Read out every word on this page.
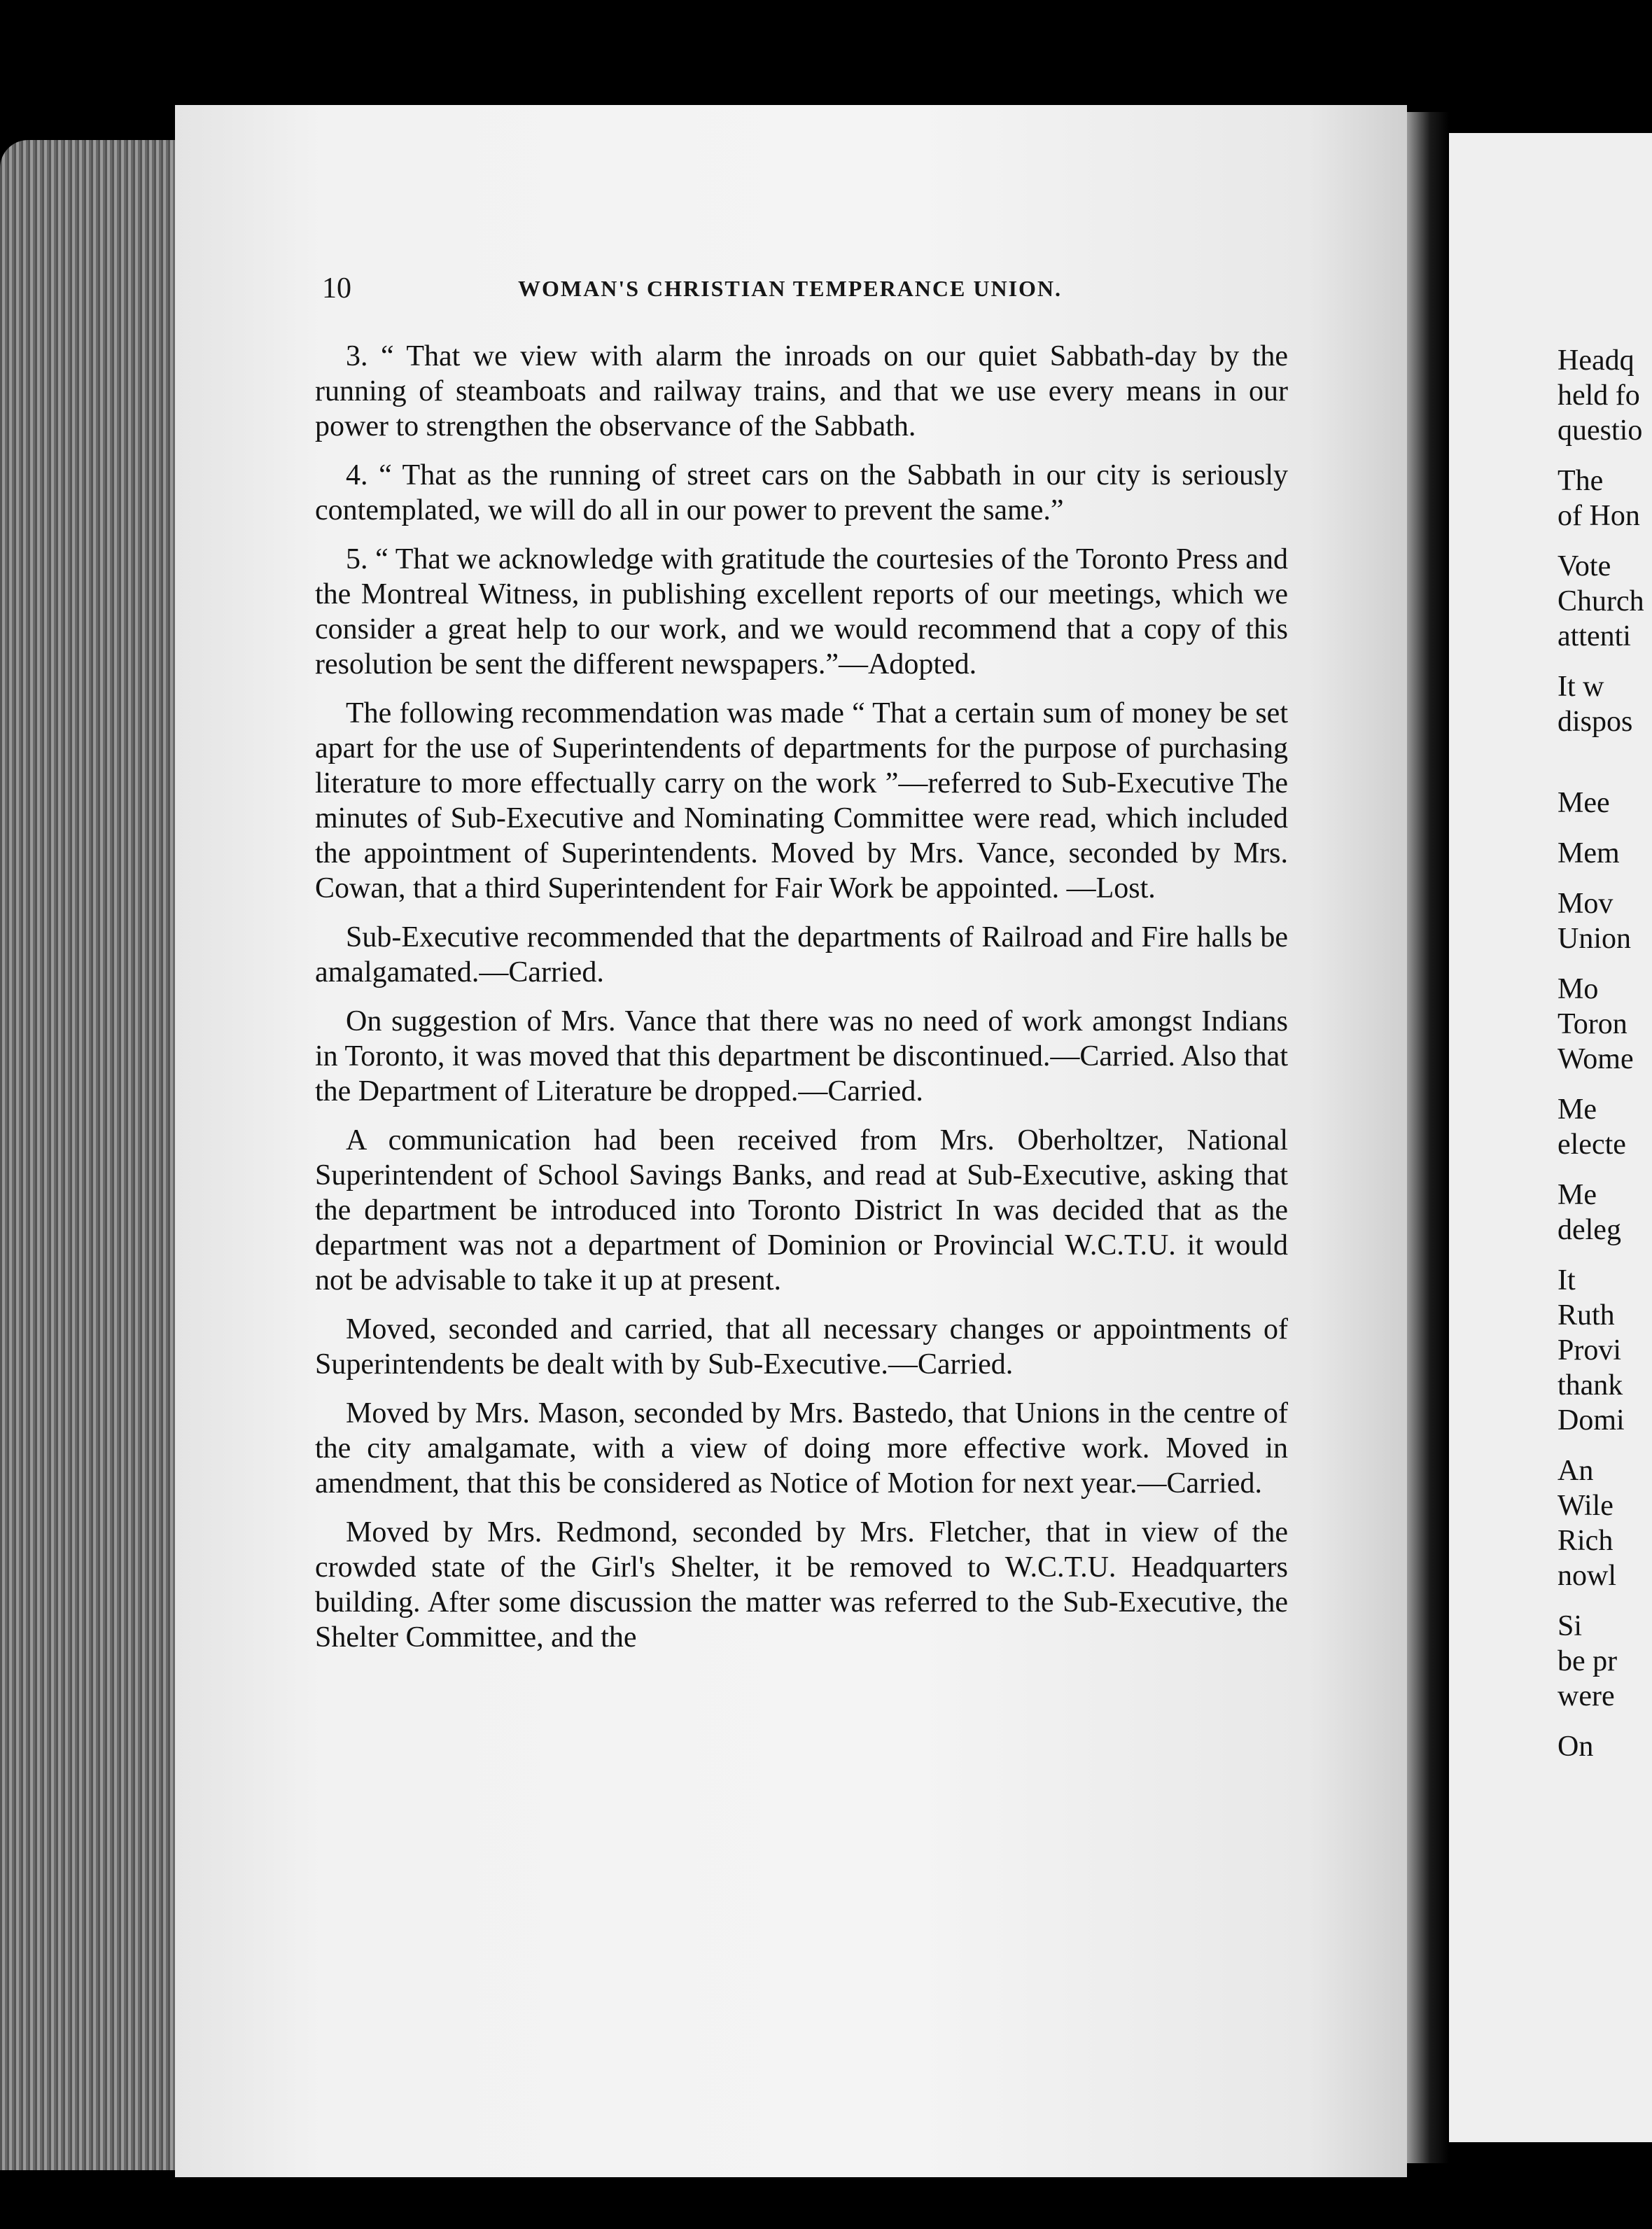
10	WOMAN'S CHRISTIAN TEMPERANCE UNION.

3. “ That we view with alarm the inroads on our quiet Sabbath-day by the running of steamboats and railway trains, and that we use every means in our power to strengthen the observance of the Sabbath.

4. “ That as the running of street cars on the Sabbath in our city is seriously contemplated, we will do all in our power to prevent the same.”

5. “ That we acknowledge with gratitude the courtesies of the Toronto Press and the Montreal Witness, in publishing excellent reports of our meetings, which we consider a great help to our work, and we would recommend that a copy of this resolution be sent the different newspapers.”—Adopted.

The following recommendation was made “ That a certain sum of money be set apart for the use of Superintendents of departments for the purpose of purchasing literature to more effectually carry on the work ”—referred to Sub-Executive The minutes of Sub-Executive and Nominating Committee were read, which included the appointment of Superintendents. Moved by Mrs. Vance, seconded by Mrs. Cowan, that a third Superintendent for Fair Work be appointed. —Lost.

Sub-Executive recommended that the departments of Railroad and Fire halls be amalgamated.—Carried.

On suggestion of Mrs. Vance that there was no need of work amongst Indians in Toronto, it was moved that this department be discontinued.—Carried. Also that the Department of Literature be dropped.—Carried.

A communication had been received from Mrs. Oberholtzer, National Superintendent of School Savings Banks, and read at Sub-Executive, asking that the department be introduced into Toronto District In was decided that as the department was not a department of Dominion or Provincial W.C.T.U. it would not be advisable to take it up at present.

Moved, seconded and carried, that all necessary changes or appointments of Superintendents be dealt with by Sub-Executive.—Carried.

Moved by Mrs. Mason, seconded by Mrs. Bastedo, that Unions in the centre of the city amalgamate, with a view of doing more effective work. Moved in amendment, that this be considered as Notice of Motion for next year.—Carried.

Moved by Mrs. Redmond, seconded by Mrs. Fletcher, that in view of the crowded state of the Girl's Shelter, it be removed to W.C.T.U. Headquarters building. After some discussion the matter was referred to the Sub-Executive, the Shelter Committee, and the

Headq
held fo
questio
The
of Hon
Vote
Church
attenti
It w
dispos
Mee
Mem
Mov
Union
Mo
Toron
Wome
Me
electe
Me
deleg
It
Ruth
Provi
thank
Domi
An
Wile
Rich
nowl
Si
be pr
were
On
